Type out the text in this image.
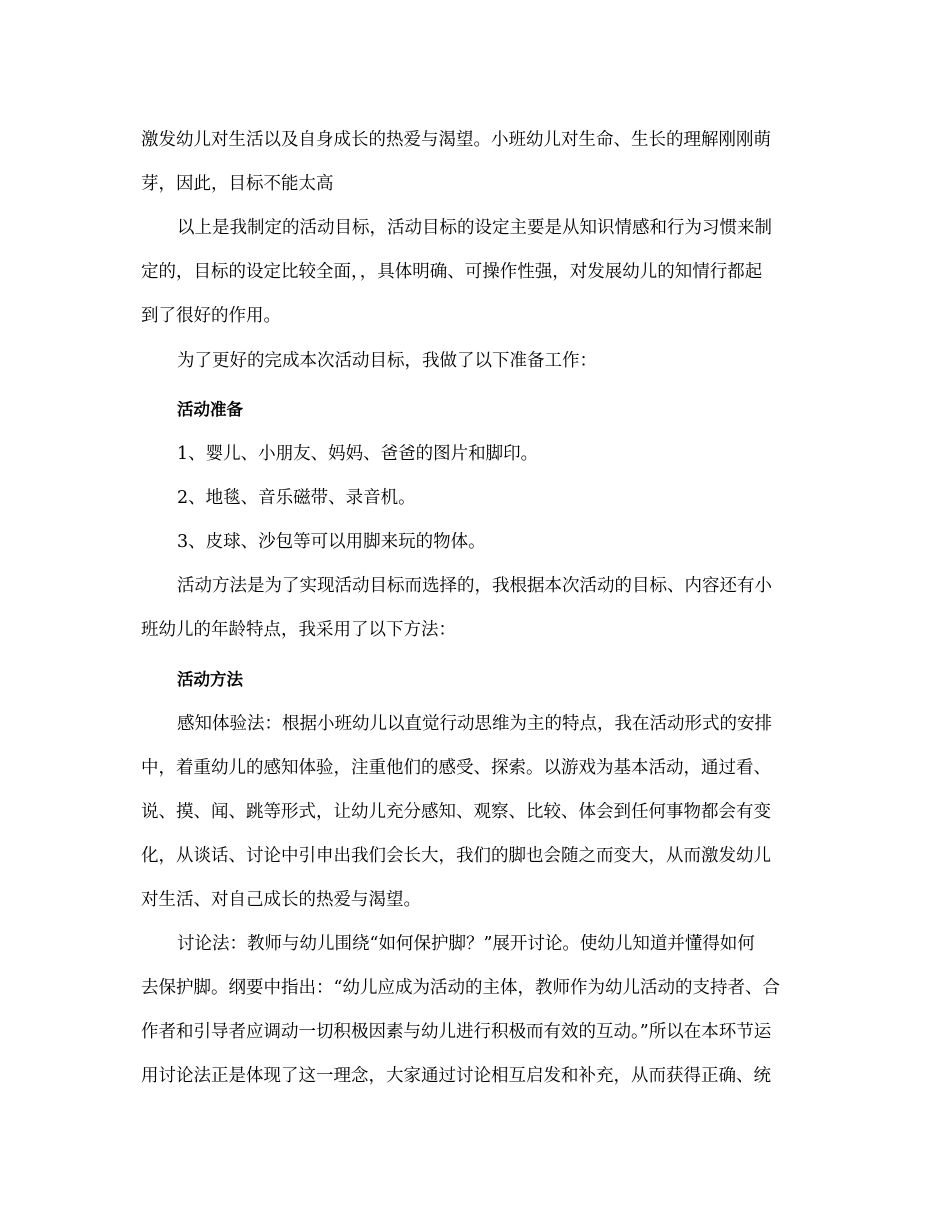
激发幼儿对生活以及自身成长的热爱与渴望。小班幼儿对生命、生长的理解刚刚萌
芽，因此，目标不能太高
以上是我制定的活动目标，活动目标的设定主要是从知识情感和行为习惯来制
定的，目标的设定比较全面，，具体明确、可操作性强，对发展幼儿的知情行都起
到了很好的作用。
为了更好的完成本次活动目标，我做了以下准备工作：
活动准备
1、婴儿、小朋友、妈妈、爸爸的图片和脚印。
2、地毯、音乐磁带、录音机。
3、皮球、沙包等可以用脚来玩的物体。
活动方法是为了实现活动目标而选择的，我根据本次活动的目标、内容还有小
班幼儿的年龄特点，我采用了以下方法：
活动方法
感知体验法：根据小班幼儿以直觉行动思维为主的特点，我在活动形式的安排
中，着重幼儿的感知体验，注重他们的感受、探索。以游戏为基本活动，通过看、
说、摸、闻、跳等形式，让幼儿充分感知、观察、比较、体会到任何事物都会有变
化，从谈话、讨论中引申出我们会长大，我们的脚也会随之而变大，从而激发幼儿
对生活、对自己成长的热爱与渴望。
讨论法：教师与幼儿围绕“如何保护脚？”展开讨论。使幼儿知道并懂得如何
去保护脚。纲要中指出：“幼儿应成为活动的主体，教师作为幼儿活动的支持者、合
作者和引导者应调动一切积极因素与幼儿进行积极而有效的互动。”所以在本环节运
用讨论法正是体现了这一理念，大家通过讨论相互启发和补充，从而获得正确、统
